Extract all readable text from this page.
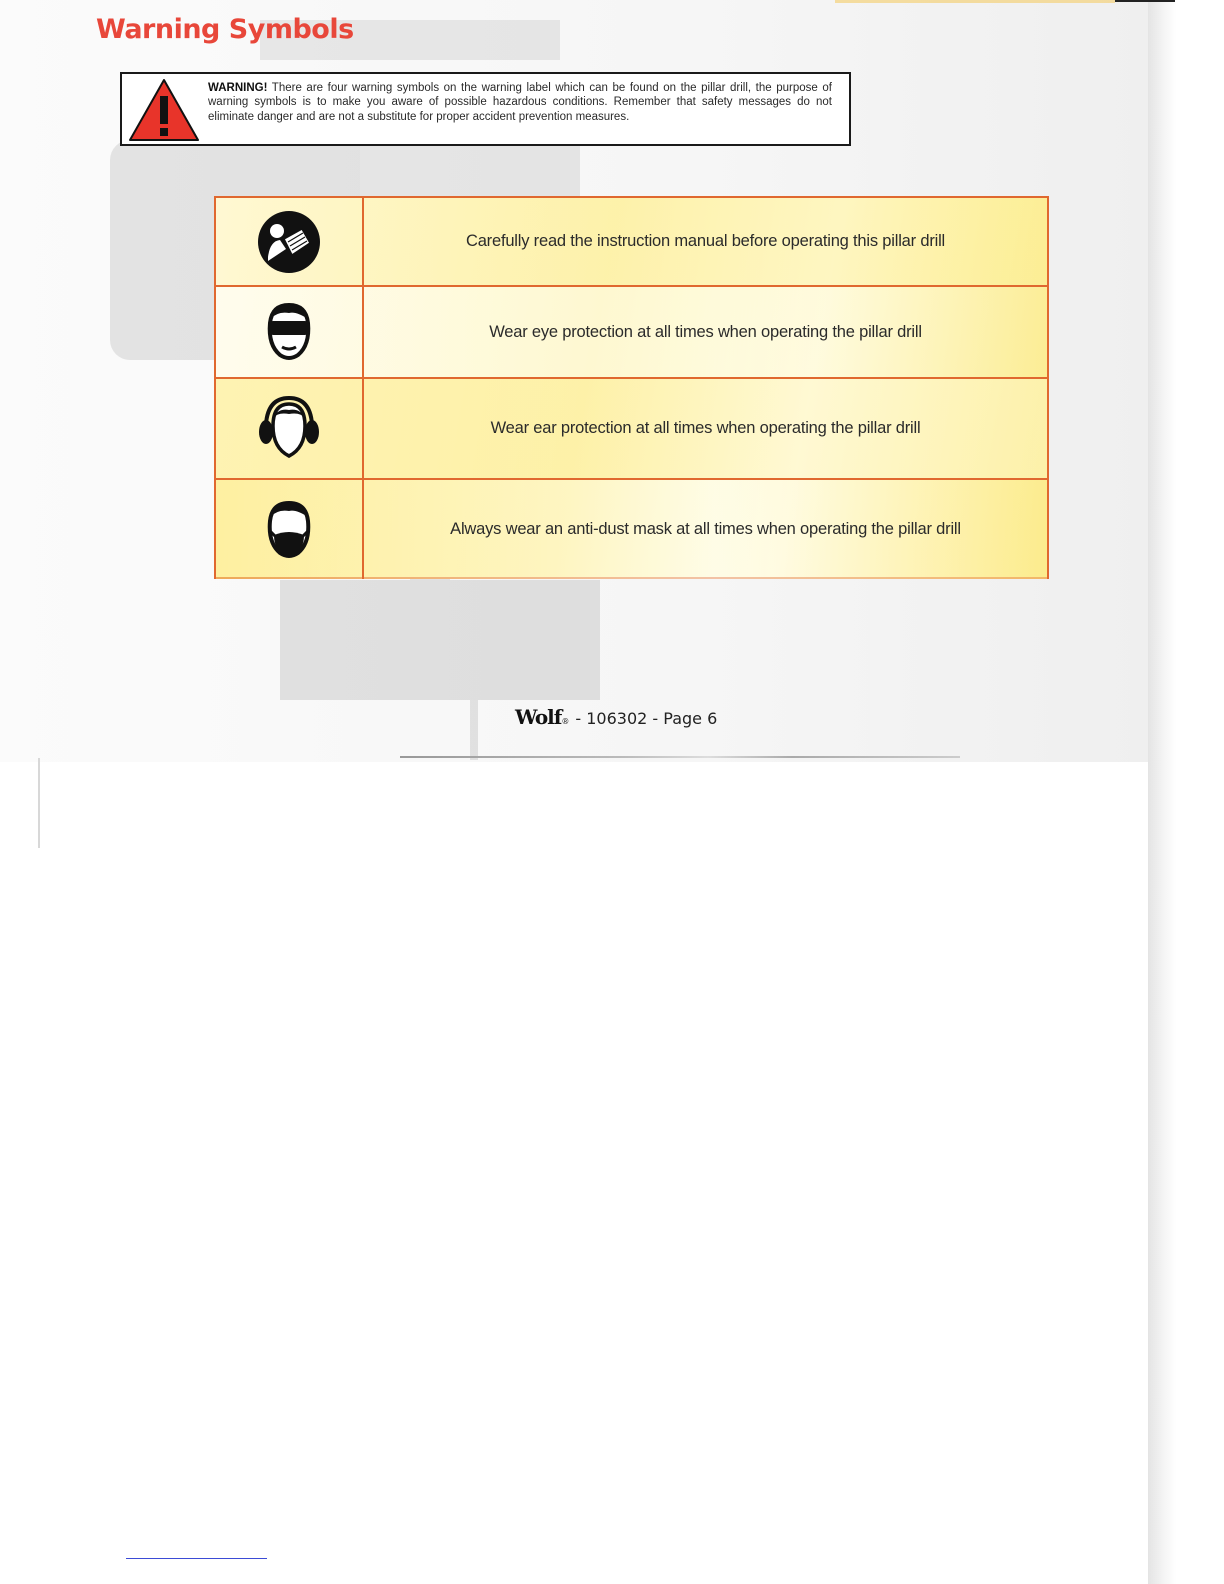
Warning Symbols
WARNING! There are four warning symbols on the warning label which can be found on the pillar drill, the purpose of warning symbols is to make you aware of possible hazardous conditions. Remember that safety messages do not eliminate danger and are not a substitute for proper accident prevention measures.
Carefully read the instruction manual before operating this pillar drill
Wear eye protection at all times when operating the pillar drill
Wear ear protection at all times when operating the pillar drill
Always wear an anti-dust mask at all times when operating the pillar drill
Wolf ® - 106302 - Page 6
